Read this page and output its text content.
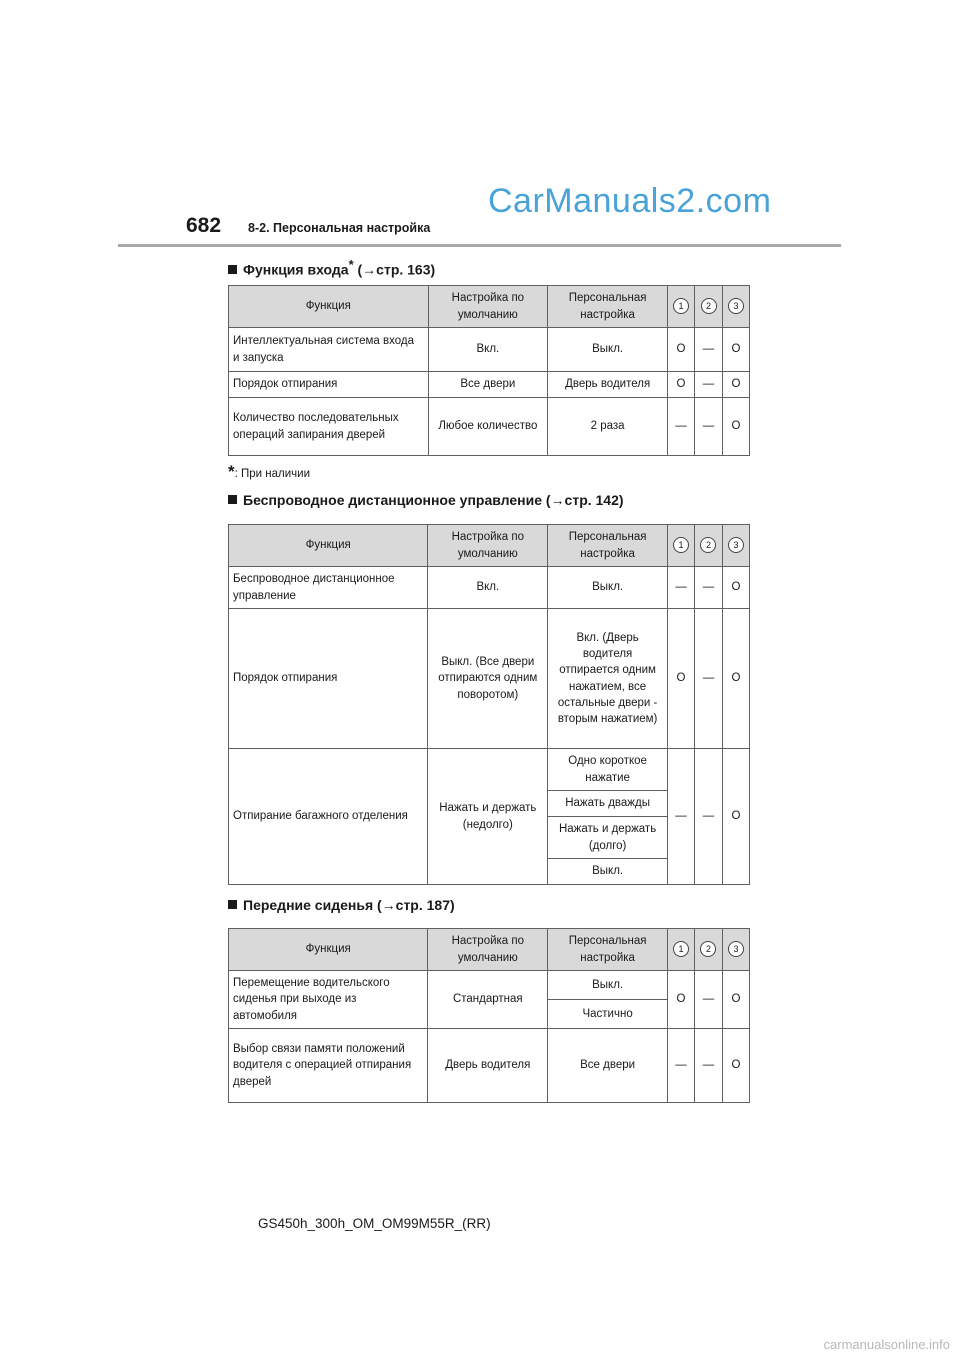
682 8-2. Персональная настройка
CarManuals2.com
Функция входа* (→стр. 163)
Функция	Настройка по умолчанию	Персональная настройка	1	2	3
Интеллектуальная система входа и запуска	Вкл.	Выкл.	O	—	O
Порядок отпирания	Все двери	Дверь водителя	O	—	O
Количество последовательных операций запирания дверей	Любое количество	2 раза	—	—	O
*: При наличии
Беспроводное дистанционное управление (→стр. 142)
Функция	Настройка по умолчанию	Персональная настройка	1	2	3
Беспроводное дистанционное управление	Вкл.	Выкл.	—	—	O
Порядок отпирания	Выкл. (Все двери отпираются одним поворотом)	Вкл. (Дверь водителя отпирается одним нажатием, все остальные двери - вторым нажатием)	O	—	O
Отпирание багажного отделения	Нажать и держать (недолго)	Одно короткое нажатие	—	—	O
		Нажать дважды			
		Нажать и держать (долго)			
		Выкл.			
Передние сиденья (→стр. 187)
Функция	Настройка по умолчанию	Персональная настройка	1	2	3
Перемещение водительского сиденья при выходе из автомобиля	Стандартная	Выкл.	O	—	O
		Частично			
Выбор связи памяти положений водителя с операцией отпирания дверей	Дверь водителя	Все двери	—	—	O
GS450h_300h_OM_OM99M55R_(RR)
carmanualsonline.info
